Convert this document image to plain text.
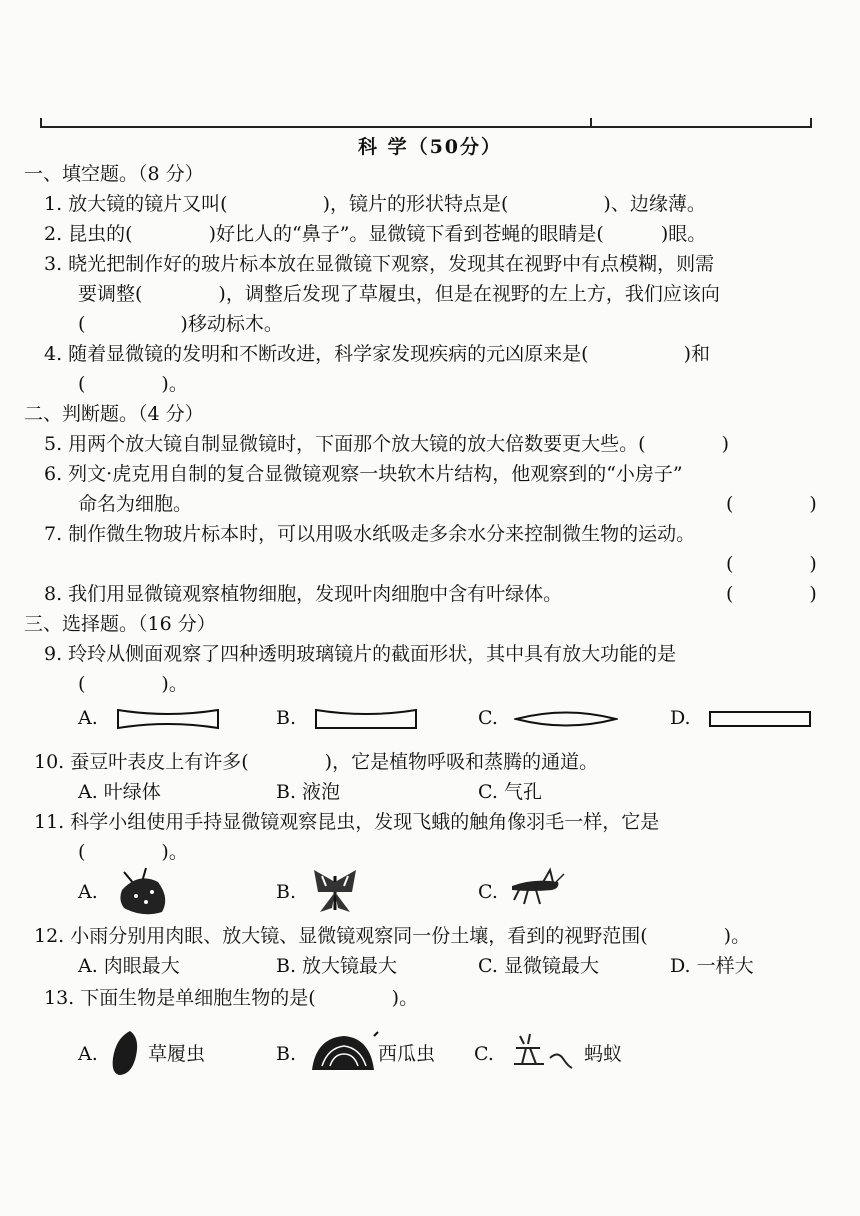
科 学（50分）
一、填空题。（8 分）
1. 放大镜的镜片又叫(　　　　　)，镜片的形状特点是(　　　　　)、边缘薄。
2. 昆虫的(　　　　)好比人的“鼻子”。显微镜下看到苍蝇的眼睛是(　　　)眼。
3. 晓光把制作好的玻片标本放在显微镜下观察，发现其在视野中有点模糊，则需
要调整(　　　　)，调整后发现了草履虫，但是在视野的左上方，我们应该向
(　　　　　)移动标木。
4. 随着显微镜的发明和不断改进，科学家发现疾病的元凶原来是(　　　　　)和
(　　　　)。
二、判断题。（4 分）
5. 用两个放大镜自制显微镜时，下面那个放大镜的放大倍数要更大些。(　　　　)
6. 列文·虎克用自制的复合显微镜观察一块软木片结构，他观察到的“小房子”
命名为细胞。	(　　　　)
7. 制作微生物玻片标本时，可以用吸水纸吸走多余水分来控制微生物的运动。
(　　　　)
8. 我们用显微镜观察植物细胞，发现叶肉细胞中含有叶绿体。	(　　　　)
三、选择题。（16 分）
9. 玲玲从侧面观察了四种透明玻璃镜片的截面形状，其中具有放大功能的是
(　　　　)。
A.	B.	C.	D.
10. 蚕豆叶表皮上有许多(　　　　)，它是植物呼吸和蒸腾的通道。
A. 叶绿体	B. 液泡	C. 气孔
11. 科学小组使用手持显微镜观察昆虫，发现飞蛾的触角像羽毛一样，它是
(　　　　)。
A.	B.	C.
12. 小雨分别用肉眼、放大镜、显微镜观察同一份土壤，看到的视野范围(　　　　)。
A. 肉眼最大	B. 放大镜最大	C. 显微镜最大	D. 一样大
13. 下面生物是单细胞生物的是(　　　　)。
A.	草履虫	B.	西瓜虫 C.	蚂蚁
